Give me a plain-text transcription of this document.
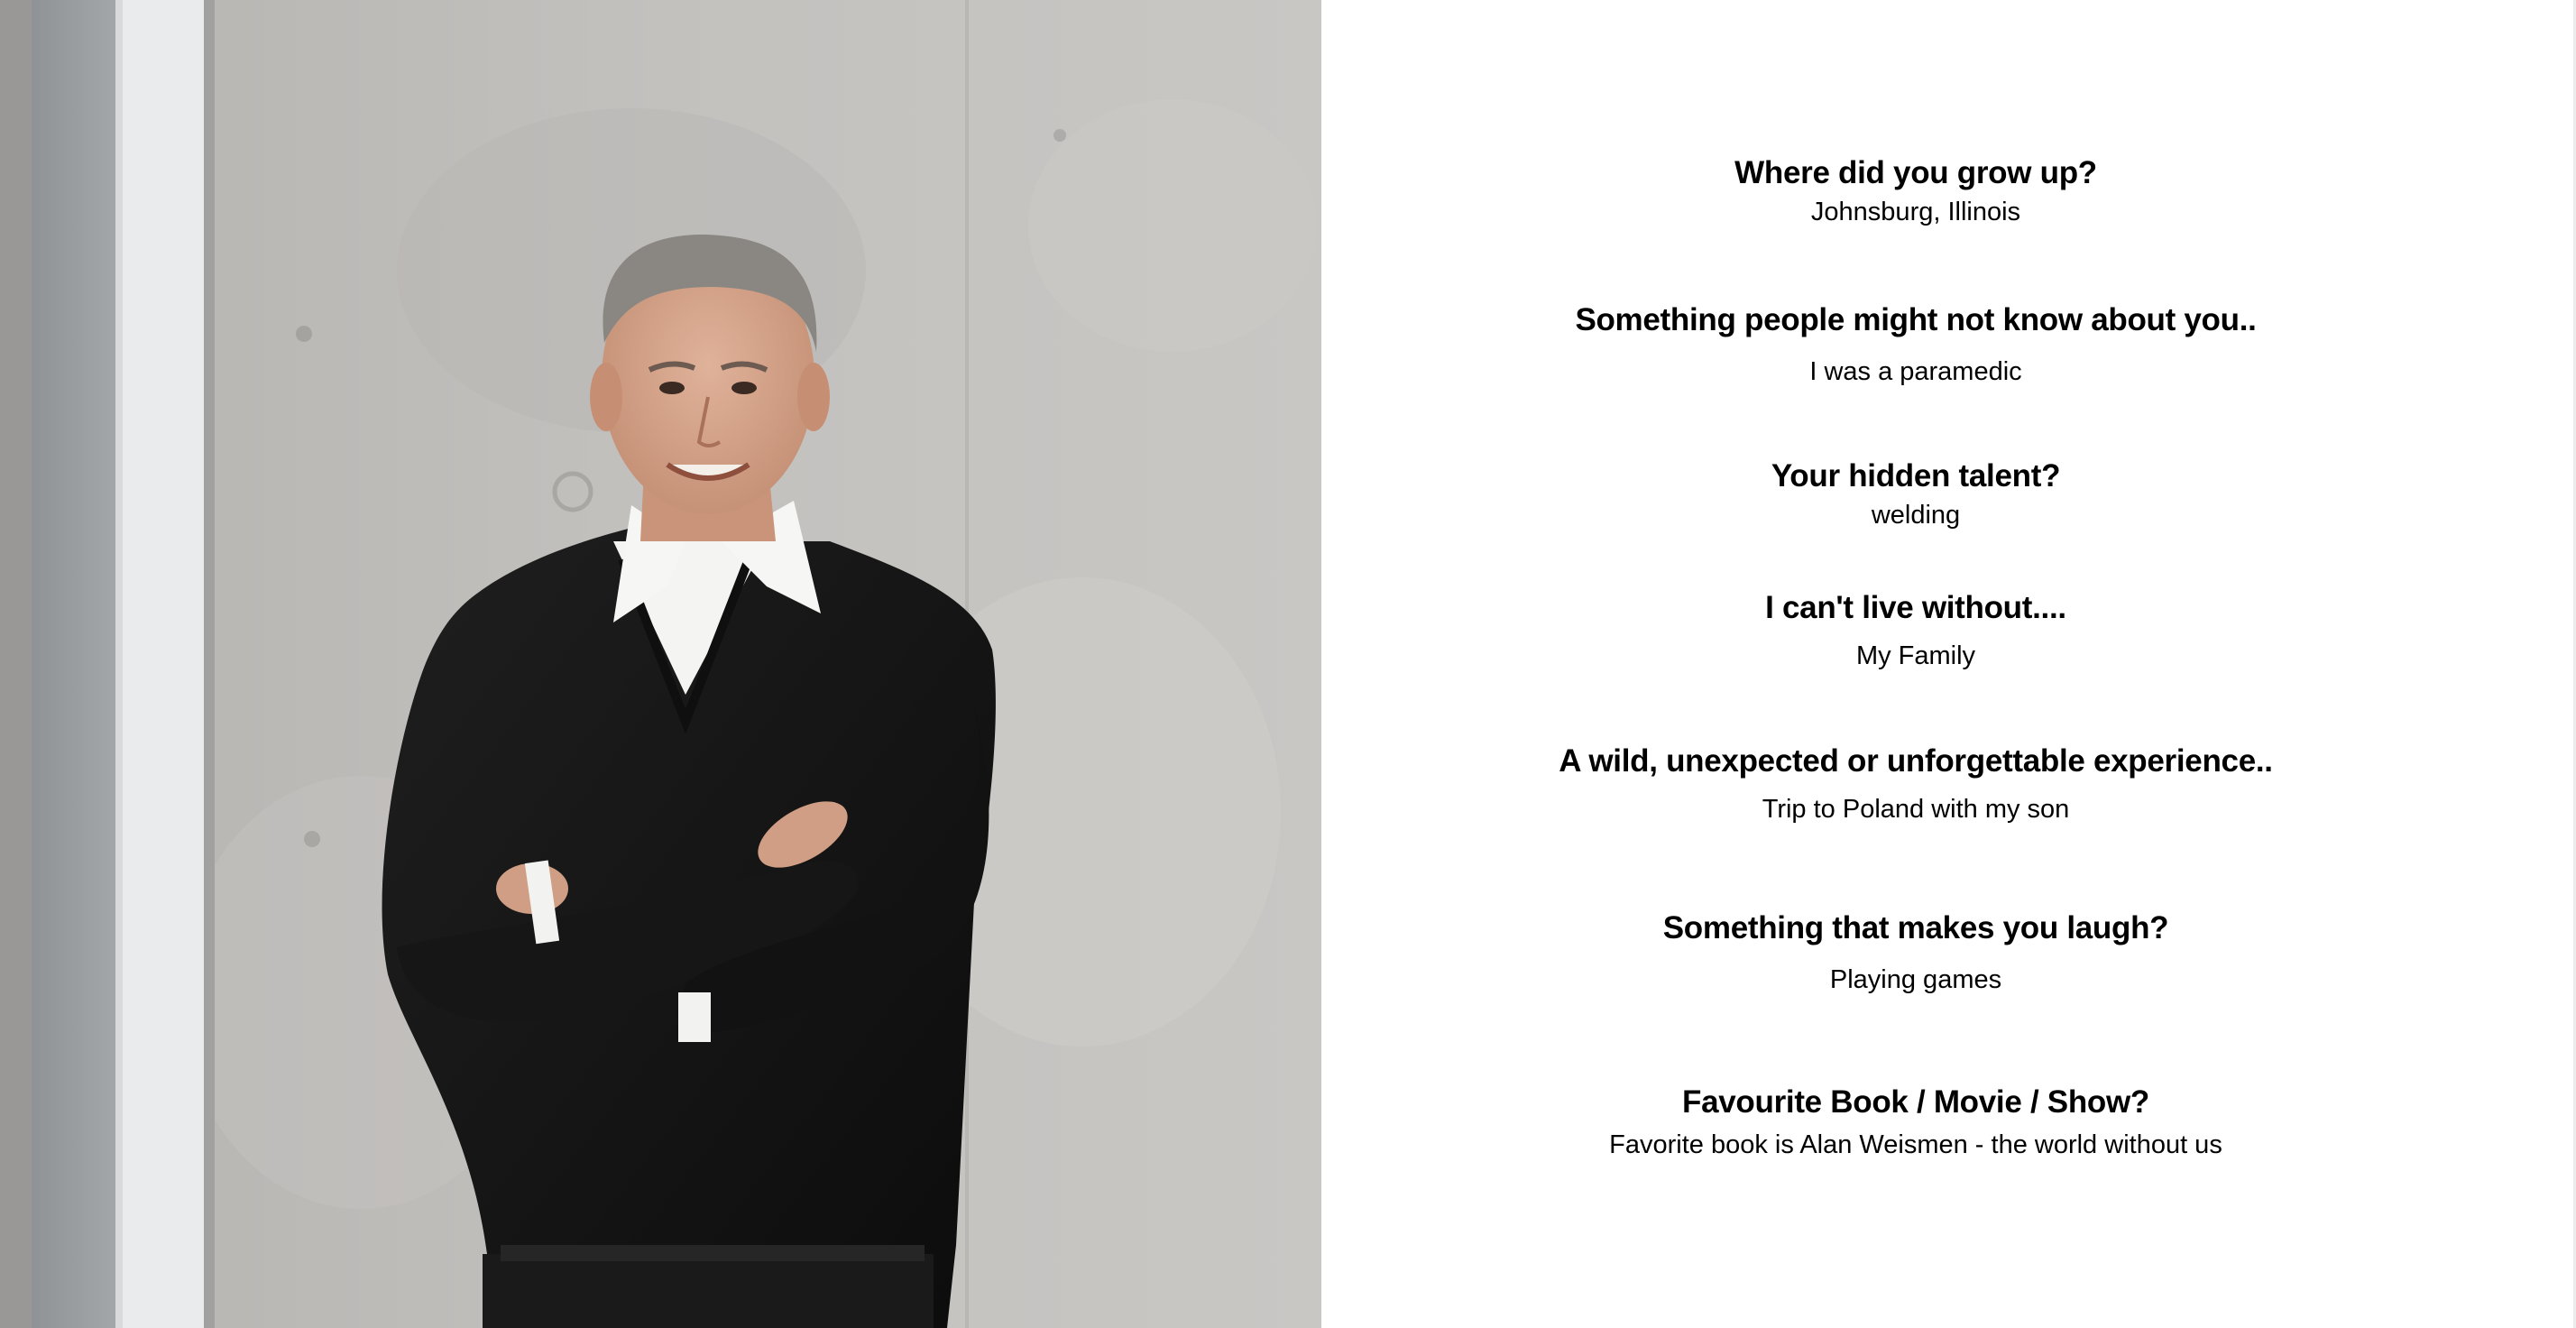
Where did you grow up?

Johnsburg, Illinois

Something people might not know about you..

I was a paramedic

Your hidden talent?

welding

I can't live without....

My Family

A wild, unexpected or unforgettable experience..

Trip to Poland with my son

Something that makes you laugh?

Playing games

Favourite Book / Movie / Show?

Favorite book is Alan Weismen - the world without us
